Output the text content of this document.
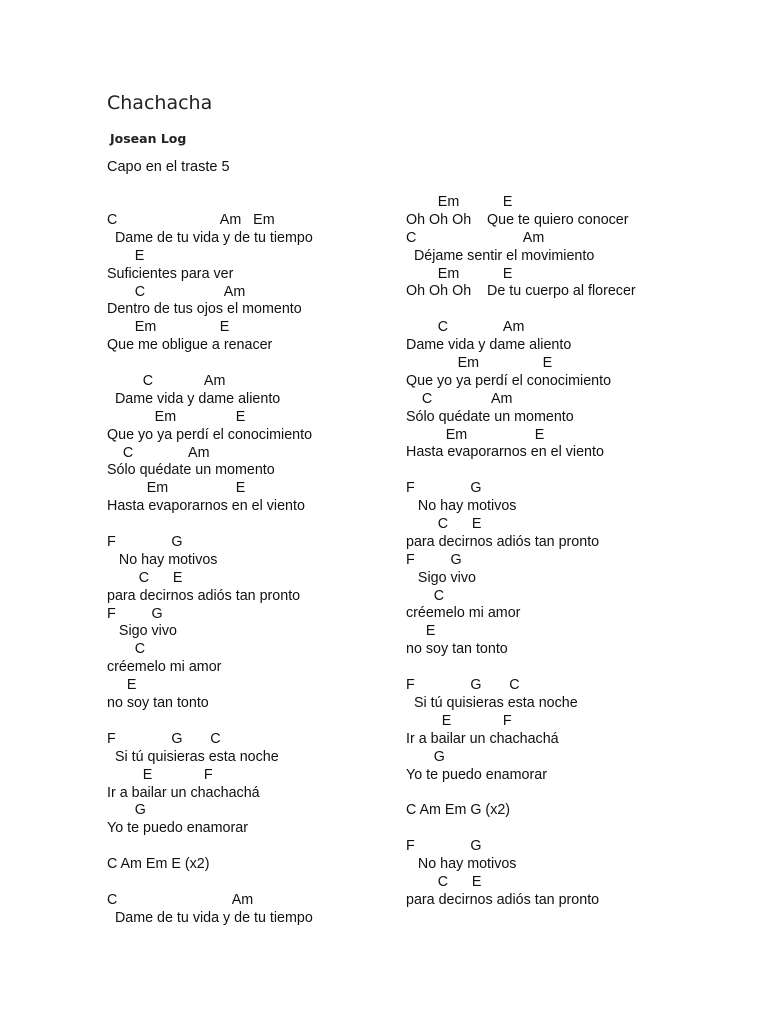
Chachacha
Josean Log
Capo en el traste 5
C                          Am   Em
Dame de tu vida y de tu tiempo
E
Suficientes para ver
C                    Am
Dentro de tus ojos el momento
Em                E
Que me obligue a renacer
C             Am
Dame vida y dame aliento
Em               E
Que yo ya perdí el conocimiento
C              Am
Sólo quédate un momento
Em                 E
Hasta evaporarnos en el viento
F              G
No hay motivos
C      E
para decirnos adiós tan pronto
F         G
Sigo vivo
C
créemelo mi amor
E
no soy tan tonto
F              G       C
Si tú quisieras esta noche
E             F
Ir a bailar un chachachá
G
Yo te puedo enamorar
C Am Em E (x2)
C                             Am
Dame de tu vida y de tu tiempo
Em           E
Oh Oh Oh    Que te quiero conocer
C                           Am
Déjame sentir el movimiento
Em           E
Oh Oh Oh    De tu cuerpo al florecer
C              Am
Dame vida y dame aliento
Em                E
Que yo ya perdí el conocimiento
C               Am
Sólo quédate un momento
Em                 E
Hasta evaporarnos en el viento
F              G
No hay motivos
C      E
para decirnos adiós tan pronto
F         G
Sigo vivo
C
créemelo mi amor
E
no soy tan tonto
F              G       C
Si tú quisieras esta noche
E             F
Ir a bailar un chachachá
G
Yo te puedo enamorar
C Am Em G (x2)
F              G
No hay motivos
C      E
para decirnos adiós tan pronto
